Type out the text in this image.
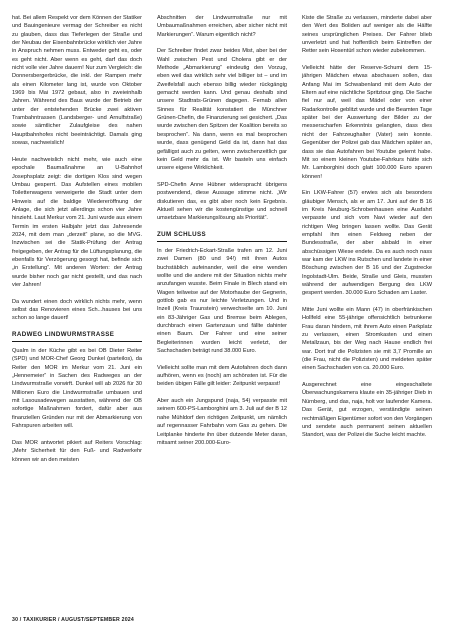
hat. Bei allem Respekt vor dem Können der Statiker und Bauingenieure vermag der Schreiber es nicht zu glauben, dass das Tieferlegen der Straße und der Neubau der Eisenbahnbrücke wirklich vier Jahre in Anspruch nehmen muss. Entweder geht es, oder es geht nicht. Aber wenn es geht, darf das doch nicht volle vier Jahre dauern! Nur zum Vergleich: die Donnersbergerbrücke, die inkl. der Rampen mehr als einen Kilometer lang ist, wurde von Oktober 1969 bis Mai 1972 gebaut, also in zweieinhalb Jahren. Während des Baus wurde der Betrieb der unter der entstehenden Brücke zwei aktiven Trambahntrassen (Landsberger- und Arnulfstraße) sowie sämtlicher Zulaufgleise des nahen Hauptbahnhofes nicht beeinträchtigt. Damals ging sowas, nachweislich!

Heute nachweislich nicht mehr, wie auch eine epochale Baumaßnahme an U-Bahnhof Josephsplatz zeigt: die dortigen Klos sind wegen Umbau gesperrt. Das Aufstellen eines mobilen Toilettenwagens verweigerte die Stadt unter dem Hinweis auf die baldige Wiedereröffnung der Anlage, die sich jetzt allerdings schon vier Jahre hinzieht. Laut Merkur vom 21. Juni wurde aus einem Termin im ersten Halbjahr jetzt das Jahresende 2024, mit dem man „derzeit“ plane, so die MVG. Inzwischen sei die Statik-Prüfung der Antrag freigegeben, der Antrag für die Lüftungsplanung, die ebenfalls für Verzögerung gesorgt hat, befinde sich „in Erstellung“. Mit anderen Worten: der Antrag wurde bisher noch gar nicht gestellt, und das nach vier Jahren!

Da wundert einen doch wirklich nichts mehr, wenn selbst das Renovieren eines Sch...hauses bei uns schon so lange dauert!

RADWEG LINDWURMSTRASSE

Qualm in der Küche gibt es bei OB Dieter Reiter (SPD) und MOR-Chef Georg Dunkel (parteilos), da Reiter den MOR im Merkur vom 21. Juni ein „Hennemeier“ in Sachen des Radweges an der Lindwurmstraße vorwirft. Dunkel will ab 2026 für 30 Millionen Euro die Lindwurmstraße umbauen und mit Lasousadewegen ausstatten, während der OB sofortige Maßnahmen fordert, dafür aber aus finanziellen Gründen nur mit der Abmarkierung von Fahrspuren arbeiten will.

Das MOR antwortet pikiert auf Reiters Vorschlag: „Mehr Sicherheit für den Fuß- und Radverkehr können wir an den meisten

Abschnitten der Lindwurmstraße nur mit Umbaumaßnahmen erreichen, aber sicher nicht mit Markierungen“. Warum eigentlich nicht?

Der Schreiber findet zwar beides Mist, aber bei der Wahl zwischen Pest und Cholera gibt er der Methode „Abmarkierung“ eindeutig den Vorzug, eben weil das wirklich sehr viel billiger ist – und im Zweifelsfall auch ebenso billig wieder rückgängig gemacht werden kann. Und genau deshalb sind unsere Stadtrats-Grünen dagegen. Fernab allen Sinnes für Realität konstatiert die Münchner Grünen-Chefin, die Finanzierung sei gesichert. „Das wurde zwischen den Spitzen der Koalition bereits so besprochen“. Na dann, wenn es mal besprochen wurde, dass genügend Geld da ist, dann hat das gefälligst auch zu gelten, wenn zwischenzeitlich gar kein Geld mehr da ist. Wir basteln uns einfach unsere eigene Wirklichkeit.

SPD-Chefin Anne Hübner widerspracht übrigens postwendend, diese Aussage stimme nicht. „Wir diskutieren das, es gibt aber noch kein Ergebnis. Aktuell sehen wir die kostengünstige und schnell umsetzbare Markierungslösung als Priorität“.

ZUM SCHLUSS

In der Friedrich-Eckart-Straße trafen am 12. Juni zwei Damen (80 und 94!) mit ihren Autos buchstäblich aufeinander, weil die eine wenden wollte und die andere mit der Situation nichts mehr anzufangen wusste. Beim Finale in Blech stand ein Wagen teilweise auf der Motorhaube der Gegnerin, gottlob gab es nur leichte Verletzungen. Und in Inzell (Kreis Traunstein) verwechselte am 10. Juni ein 83-Jähriger Gas und Bremse beim Ablegen, durchbrach einen Gartenzaun und fällte dahinter einen Baum. Der Fahrer und eine seiner Begleiterinnen wurden leicht verletzt, der Sachschaden beträgt rund 38.000 Euro.

Vielleicht sollte man mit dem Autofahren doch dann aufhören, wenn es (noch) am schönsten ist. Für die beiden übigen Fälle gilt leider: Zeitpunkt verpasst!

Aber auch ein Jungspund (naja, 54) verpasste mit seinem 600-PS-Lamborghini am 3. Juli auf der B 12 nahe Mühldorf den richtigen Zeitpunkt, um nämlich auf regennasser Fahrbahn vom Gas zu gehen. Die Leitplanke hinderte ihn über dutzende Meter daran, mitsamt seiner 200.000-Euro-

Kiste die Straße zu verlassen, minderte dabei aber den Wert des Boliden auf weniger als die Hälfte seines ursprünglichen Preises. Der Fahrer blieb unverletzt und hat hoffentlich beim Eintreffen der Retter sein Hosentürl schon wieder zubekommen.

Vielleicht hätte der Reserve-Schumi dem 15-jährigen Mädchen etwas abschauen sollen, das Anfang Mai im Schwabenland mit dem Auto der Eltern auf eine nächtliche Spritztour ging. Die Sache fiel nur auf, weil das Mädel oder von einer Radarkontrolle geblitzt wurde und die Beamten Tage später bei der Auswertung der Bilder zu der messerscharfen Erkenntnis gelangten, dass dies nicht der Fahrzeughalter (Vater) sein konnte. Gegenüber der Polizei gab das Mädchen später an, dass sie das Autofahren bei Youtube gelernt habe. Mit so einem kleinen Youtube-Fahrkurs hätte sich Mr. Lamborghini doch glatt 100.000 Euro sparen können!

Ein LKW-Fahrer (57) erwies sich als besonders gläubiger Mensch, als er am 17. Juni auf der B 16 im Kreis Neuburg-Schrobenhausen eine Ausfahrt verpasste und sich vom Navi wieder auf den richtigen Weg bringen lassen wollte. Das Gerät empfahl ihm einen Feldweg neben der Bundesstraße, der aber alsbald in einer abschüssigen Wiese endete. Da es auch noch nass war kam der LKW ins Rutschen und landete in einer Böschung zwischen der B 16 und der Zugstrecke Ingolstadt-Ulm. Beide, Straße und Gleis, mussten während der aufwendigen Bergung des LKW gesperrt werden. 30.000 Euro Schaden am Laster.

Mitte Juni wollte ein Mann (47) in oberfränkischen Hollfeld eine 55-jährige offensichtlich betrunkene Frau daran hindern, mit ihrem Auto einen Parkplatz zu verlassen, einen Stromkasten und einen Metallzaun, bis der Weg nach Hause endlich frei war. Dort traf die Polizisten sie mit 3,7 Promille an (die Frau, nicht die Polizisten) und meldeten später einen Sachschaden von ca. 20.000 Euro.

Ausgerechnet eine eingeschaltete Überwachungskamera klaute ein 35-jähriger Dieb in Nürnberg, und das, naja, holt vor laufender Kamera. Das Gerät, gut erzogen, verständigte seinen rechtmäßigen Eigentümer sofort von den Vorgängen und sendete auch permanent seinen aktuellen Standort, was der Polizei die Suche leicht machte.

30 / TAXIKURIER / AUGUST/SEPTEMBER 2024
